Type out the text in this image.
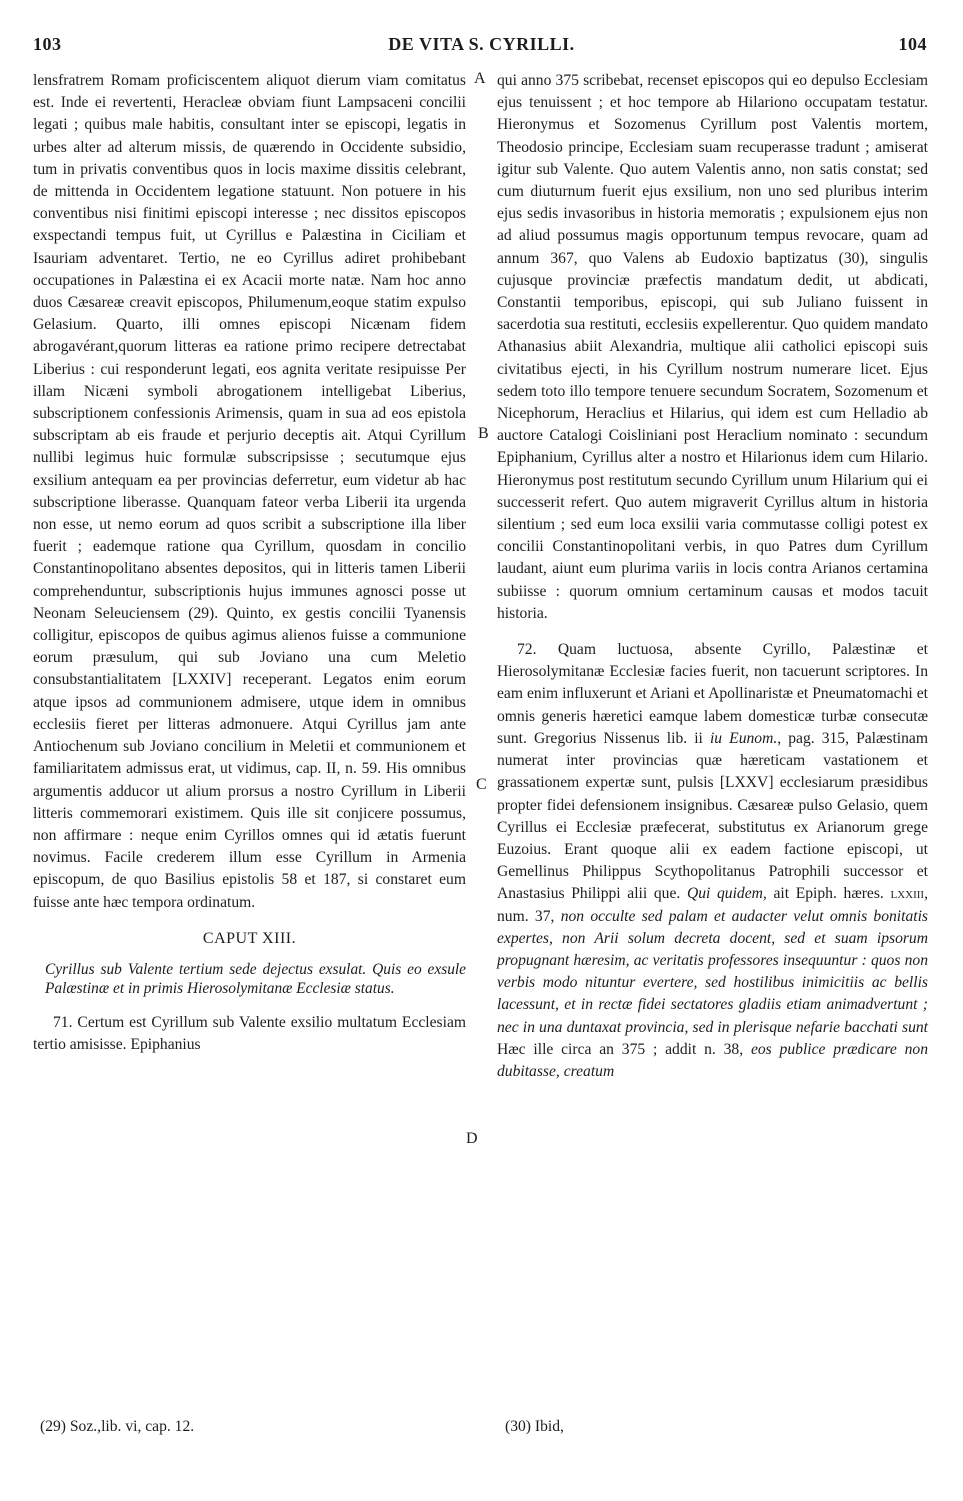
103	DE VITA S. CYRILLI.	104

lensfratrem Romam proficiscentem aliquot dierum viam comitatus est. Inde ei revertenti, Heracleæ obviam fiunt Lampsaceni concilii legati ; quibus male habitis, consultant inter se episcopi, legatis in urbes alter ad alterum missis, de quærendo in Occidente subsidio, tum in privatis conventibus quos in locis maxime dissitis celebrant, de mittenda in Occidentem legatione statuunt. Non potuere in his conventibus nisi finitimi episcopi interesse ; nec dissitos episcopos exspectandi tempus fuit, ut Cyrillus e Palæstina in Ciciliam et Isauriam adventaret. Tertio, ne eo Cyrillus adiret prohibebant occupationes in Palæstina ei ex Acacii morte natæ. Nam hoc anno duos Cæsareæ creavit episcopos, Philumenum,eoque statim expulso Gelasium. Quarto, illi omnes episcopi Nicænam fidem abrogavérant,quorum litteras ea ratione primo recipere detrectabat Liberius : cui responderunt legati, eos agnita veritate resipuisse Per illam Nicæni symboli abrogationem intelligebat Liberius, subscriptionem confessionis Arimensis, quam in sua ad eos epistola subscriptam ab eis fraude et perjurio deceptis ait. Atqui Cyrillum nullibi legimus huic formulæ subscripsisse ; secutumque ejus exsilium antequam ea per provincias deferretur, eum videtur ab hac subscriptione liberasse. Quanquam fateor verba Liberii ita urgenda non esse, ut nemo eorum ad quos scribit a subscriptione illa liber fuerit ; eademque ratione qua Cyrillum, quosdam in concilio Constantinopolitano absentes depositos, qui in litteris tamen Liberii comprehenduntur, subscriptionis hujus immunes agnosci posse ut Neonam Seleuciensem (29). Quinto, ex gestis concilii Tyanensis colligitur, episcopos de quibus agimus alienos fuisse a communione eorum præsulum, qui sub Joviano una cum Meletio consubstantialitatem [LXXIV] receperant. Legatos enim eorum atque ipsos ad communionem admisere, utque idem in omnibus ecclesiis fieret per litteras admonuere. Atqui Cyrillus jam ante Antiochenum sub Joviano concilium in Meletii et communionem et familiaritatem admissus erat, ut vidimus, cap. II, n. 59. His omnibus argumentis adducor ut alium prorsus a nostro Cyrillum in Liberii litteris commemorari existimem. Quis ille sit conjicere possumus, non affirmare : neque enim Cyrillos omnes qui id ætatis fuerunt novimus. Facile crederem illum esse Cyrillum in Armenia episcopum, de quo Basilius epistolis 58 et 187, si constaret eum fuisse ante hæc tempora ordinatum.

CAPUT XIII.

Cyrillus sub Valente tertium sede dejectus exsulat. Quis eo exsule Palæstinæ et in primis Hierosolymitanæ Ecclesiæ status.

71. Certum est Cyrillum sub Valente exsilio multatum Ecclesiam tertio amisisse. Epiphanius

qui anno 375 scribebat, recenset episcopos qui eo depulso Ecclesiam ejus tenuissent ; et hoc tempore ab Hilariono occupatam testatur. Hieronymus et Sozomenus Cyrillum post Valentis mortem, Theodosio principe, Ecclesiam suam recuperasse tradunt ; amiserat igitur sub Valente. Quo autem Valentis anno, non satis constat; sed cum diuturnum fuerit ejus exsilium, non uno sed pluribus interim ejus sedis invasoribus in historia memoratis ; expulsionem ejus non ad aliud possumus magis opportunum tempus revocare, quam ad annum 367, quo Valens ab Eudoxio baptizatus (30), singulis cujusque provinciæ præfectis mandatum dedit, ut abdicati, Constantii temporibus, episcopi, qui sub Juliano fuissent in sacerdotia sua restituti, ecclesiis expellerentur. Quo quidem mandato Athanasius abiit Alexandria, multique alii catholici episcopi suis civitatibus ejecti, in his Cyrillum nostrum numerare licet. Ejus sedem toto illo tempore tenuere secundum Socratem, Sozomenum et Nicephorum, Heraclius et Hilarius, qui idem est cum Helladio ab auctore Catalogi Coisliniani post Heraclium nominato : secundum Epiphanium, Cyrillus alter a nostro et Hilarionus idem cum Hilario. Hieronymus post restitutum secundo Cyrillum unum Hilarium qui ei successerit refert. Quo autem migraverit Cyrillus altum in historia silentium ; sed eum loca exsilii varia commutasse colligi potest ex concilii Constantinopolitani verbis, in quo Patres dum Cyrillum laudant, aiunt eum plurima variis in locis contra Arianos certamina subiisse : quorum omnium certaminum causas et modos tacuit historia.

72. Quam luctuosa, absente Cyrillo, Palæstinæ et Hierosolymitanæ Ecclesiæ facies fuerit, non tacuerunt scriptores. In eam enim influxerunt et Ariani et Apollinaristæ et Pneumatomachi et omnis generis hæretici eamque labem domesticæ turbæ consecutæ sunt. Gregorius Nissenus lib. ii iu Eunom., pag. 315, Palæstinam numerat inter provincias quæ hæreticam vastationem et grassationem expertæ sunt, pulsis [LXXV] ecclesiarum præsidibus propter fidei defensionem insignibus. Cæsareæ pulso Gelasio, quem Cyrillus ei Ecclesiæ præfecerat, substitutus ex Arianorum grege Euzoius. Erant quoque alii ex eadem factione episcopi, ut Gemellinus Philippus Scythopolitanus Patrophili successor et Anastasius Philippi alii que. Qui quidem, ait Epiph. hæres. lxxiii, num. 37, non occulte sed palam et audacter velut omnis bonitatis expertes, non Arii solum decreta docent, sed et suam ipsorum propugnant hæresim, ac veritatis professores insequuntur : quos non verbis modo nituntur evertere, sed hostilibus inimicitiis ac bellis lacessunt, et in rectæ fidei sectatores gladiis etiam animadvertunt ; nec in una duntaxat provincia, sed in plerisque nefarie bacchati sunt Hæc ille circa an 375 ; addit n. 38, eos publice prædicare non dubitasse, creatum

A
B
C
D
(29) Soz.,lib. vi, cap. 12.	(30) Ibid,
